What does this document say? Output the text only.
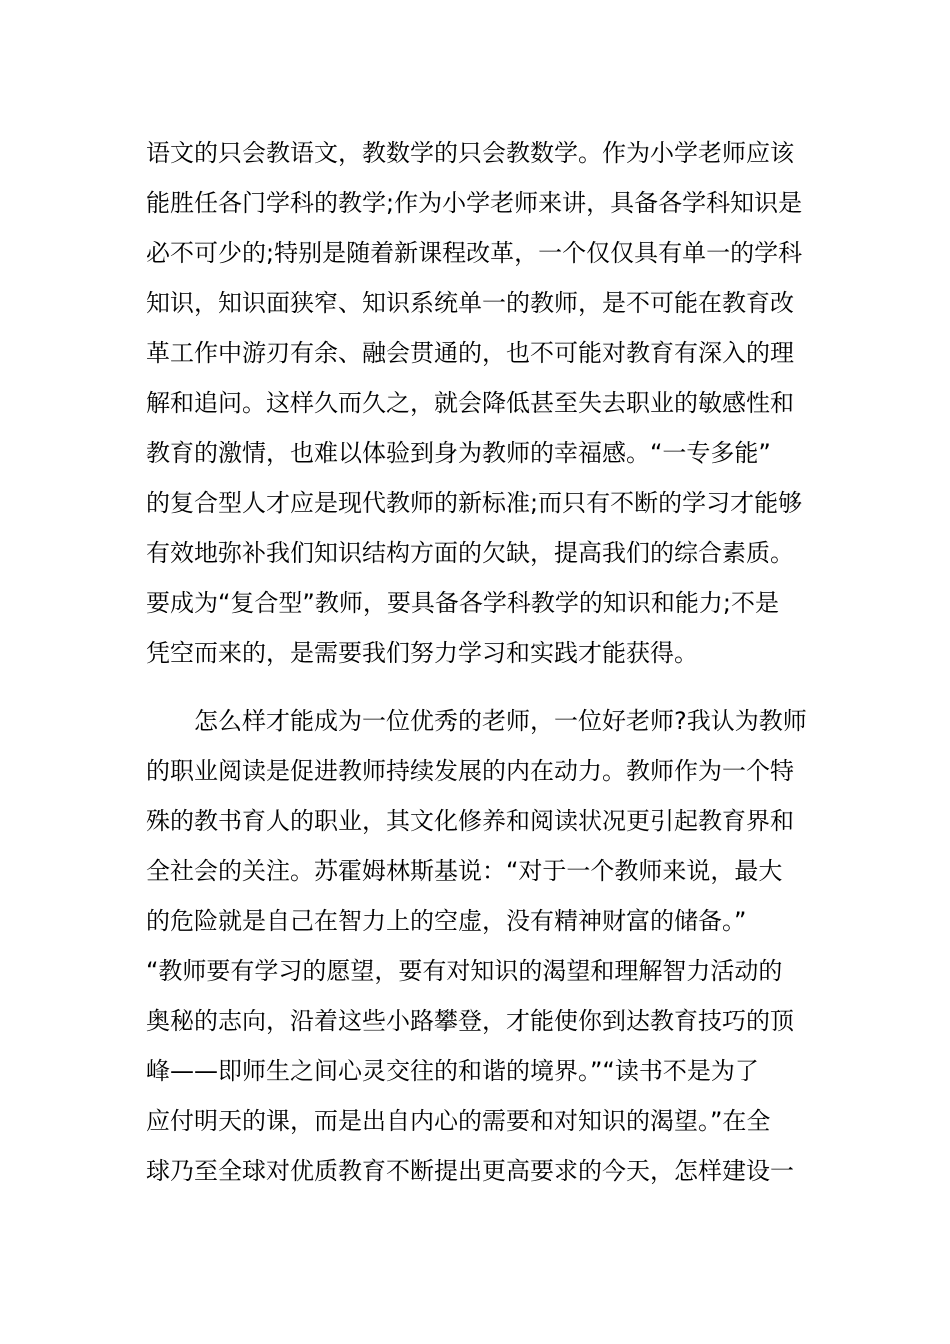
语文的只会教语文，教数学的只会教数学。作为小学老师应该
能胜任各门学科的教学;作为小学老师来讲，具备各学科知识是
必不可少的;特别是随着新课程改革，一个仅仅具有单一的学科
知识，知识面狭窄、知识系统单一的教师，是不可能在教育改
革工作中游刃有余、融会贯通的，也不可能对教育有深入的理
解和追问。这样久而久之，就会降低甚至失去职业的敏感性和
教育的激情，也难以体验到身为教师的幸福感。“一专多能”
的复合型人才应是现代教师的新标准;而只有不断的学习才能够
有效地弥补我们知识结构方面的欠缺，提高我们的综合素质。
要成为“复合型”教师，要具备各学科教学的知识和能力;不是
凭空而来的，是需要我们努力学习和实践才能获得。
　　怎么样才能成为一位优秀的老师，一位好老师?我认为教师
的职业阅读是促进教师持续发展的内在动力。教师作为一个特
殊的教书育人的职业，其文化修养和阅读状况更引起教育界和
全社会的关注。苏霍姆林斯基说：“对于一个教师来说，最大
的危险就是自己在智力上的空虚，没有精神财富的储备。”
“教师要有学习的愿望，要有对知识的渴望和理解智力活动的
奥秘的志向，沿着这些小路攀登，才能使你到达教育技巧的顶
峰——即师生之间心灵交往的和谐的境界。”“读书不是为了
应付明天的课，而是出自内心的需要和对知识的渴望。”在全
球乃至全球对优质教育不断提出更高要求的今天，怎样建设一
